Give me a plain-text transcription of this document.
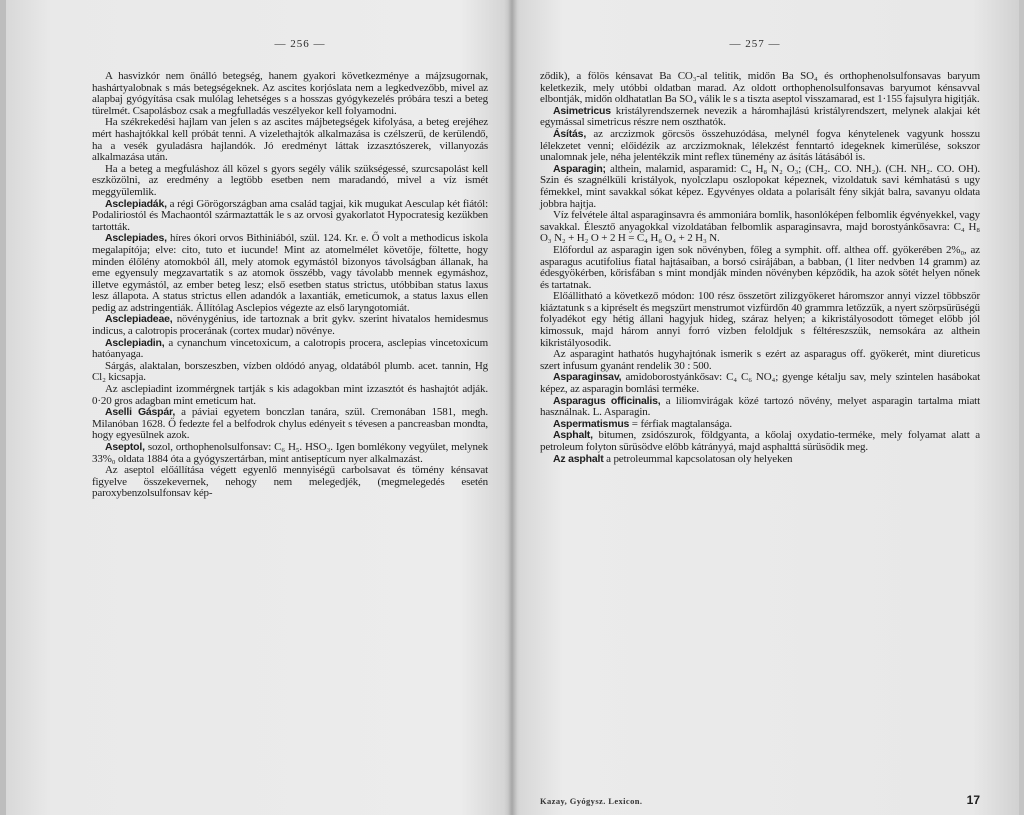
— 256 —

A hasvizkór nem önálló betegség, hanem gyakori következménye a májzsugornak, hashártyalobnak s más betegségeknek. Az ascites korjóslata nem a legkedvezőbb, mivel az alapbaj gyógyítása csak mulólag lehetséges s a hosszas gyógykezelés próbára teszi a beteg türelmét. Csapolásboz csak a megfulladás veszélyekor kell folyamodni.

Ha székrekedési hajlam van jelen s az ascites májbetegségek kifolyása, a beteg erejéhez mért hashajtókkal kell próbát tenni. A vizelethajtók alkalmazása is czélszerű, de kerülendő, ha a vesék gyuladásra hajlandók. Jó eredményt láttak izzasztószerek, villanyozás alkalmazása után.

Ha a beteg a megfuláshoz áll közel s gyors segély válik szükségessé, szurcsapolást kell eszközölni, az eredmény a legtöbb esetben nem maradandó, mivel a víz ismét meggyülemlik.

Asclepiadák, a régi Görögországban ama család tagjai, kik mugukat Aesculap két fiától: Podaliriostól és Machaontól származtatták le s az orvosi gyakorlatot Hypocratesig kezükben tartották.

Asclepiades, híres ókori orvos Bithiniából, szül. 124. Kr. e. Ő volt a methodicus iskola megalapítója; elve: cito, tuto et iucunde! Mint az atomelmélet követője, föltette, hogy minden élőlény atomokból áll, mely atomok egymástól bizonyos távolságban állanak, ha eme egyensuly megzavartatik s az atomok összébb, vagy távolabb mennek egymáshoz, illetve egymástól, az ember beteg lesz; első esetben status strictus, utóbbiban status laxus lesz állapota. A status strictus ellen adandók a laxantiák, emeticumok, a status laxus ellen pedig az adstringentiák. Állítólag Asclepios végezte az első laryngotomiát.

Asclepiadeae, növénygénius, ide tartoznak a brit gykv. szerint hivatalos hemidesmus indicus, a calotropis procerának (cortex mudar) növénye.

Asclepiadin, a cynanchum vincetoxicum, a calotropis procera, asclepias vincetoxicum hatóanyaga.

Sárgás, alaktalan, borszeszben, vízben oldódó anyag, oldatából plumb. acet. tannin, Hg Cl₂ kicsapja.

Az asclepiadint izommérgnek tartják s kis adagokban mint izzasztót és hashajtót adják. 0·20 gros adagban mint emeticum hat.

Aselli Gáspár, a páviai egyetem bonczlan tanára, szül. Cremonában 1581, megh. Milanóban 1628. Ő fedezte fel a belfodrok chylus edényeit s tévesen a pancreasban mondta, hogy egyesülnek azok.

Aseptol, sozol, orthophenolsulfonsav: C₆ H₅. HSO₃. Igen bomlékony vegyület, melynek 33%₀ oldata 1884 óta a gyógyszertárban, mint antiseptícum nyer alkalmazást.

Az aseptol előállítása végett egyenlő mennyiségű carbolsavat és tömény kénsavat figyelve összekevernek, nehogy nem melegedjék, (megmelegedés esetén paroxybenzolsulfonsav kép-

— 257 —

ződik), a fölös kénsavat Ba CO₃-al telitik, midőn Ba SO₄ és orthophenolsulfonsavas baryum keletkezik, mely utóbbi oldatban marad. Az oldott orthophenolsulfonsavas baryumot kénsavval elbontják, midőn oldhatatlan Ba SO₄ válik le s a tiszta aseptol visszamarad, est 1·155 fajsulyra higitják.

Asimetricus kristályrendszernek nevezik a háromhajlású kristályrendszert, melynek alakjai két egymással simetricus részre nem oszthatók.

Ásítás, az arczizmok görcsös összehuzódása, melynél fogva kénytelenek vagyunk hosszu lélekzetet venni; előidézik az arczizmoknak, lélekzést fenntartó idegeknek kimerülése, sokszor unalomnak jele, néha jelentékzik mint reflex tünemény az ásítás látásából is.

Asparagin; althein, malamid, asparamid: C₄ H₈ N₂ O₃; (CH₂. CO. NH₂). (CH. NH₂. CO. OH). Szin és szagnélküli kristályok, nyolczlapu oszlopokat képeznek, vizoldatuk savi kémhatású s ugy fémekkel, mint savakkal sókat képez. Egyvényes oldata a polarisált fény sikját balra, savanyu oldata jobbra hajtja.

Víz felvétele által asparaginsavra és ammoniára bomlik, hasonlóképen felbomlik égvényekkel, vagy savakkal. Élesztő anyagokkal vizoldatában felbomlik asparaginsavra, majd borostyánkősavra: C₄ H₈ O₃ N₂ + H₂ O + 2 H = C₄ H₆ O₄ + 2 H₃ N.

Előfordul az asparagin igen sok növényben, főleg a symphit. off. althea off. gyökerében 2%₀, az asparagus acutifolius fiatal hajtásaiban, a borsó csirájában, a babban, (1 liter nedvben 14 gramm) az édesgyökérben, kőrisfában s mint mondják minden növényben képződik, ha azok sötét helyen nőnek és tartatnak.

Előállitható a következő módon: 100 rész összetört zilizgyökeret háromszor annyi vizzel többször kiáztatunk s a kipréselt és megszürt menstrumot vizfürdőn 40 grammra letőzzük, a nyert szörpsürüségü folyadékot egy hétig állani hagyjuk hideg, száraz helyen; a kikristályosodott tömeget előbb jól kimossuk, majd három annyi forró vizben feloldjuk s féltéreszszük, nemsokára az althein kikristályosodik.

Az asparagint hathatós hugyhajtónak ismerik s ezért az asparagus off. gyökerét, mint diureticus szert infusum gyanánt rendelik 30 : 500.

Asparaginsav, amidoborostyánkősav: C₄ C₆ NO₄; gyenge kétalju sav, mely szintelen hasábokat képez, az asparagin bomlási terméke.

Asparagus officinalis, a liliomvirágak közé tartozó növény, melyet asparagin tartalma miatt használnak. L. Asparagin.

Aspermatismus = férfiak magtalansága.

Asphalt, bitumen, zsidószurok, földgyanta, a kőolaj oxydatio-terméke, mely folyamat alatt a petroleum folyton sürüsödve előbb kátrányyá, majd asphalttá sürüsödik meg.

Az asphalt a petroleummal kapcsolatosan oly helyeken

Kazay, Gyógysz. Lexicon.	17
